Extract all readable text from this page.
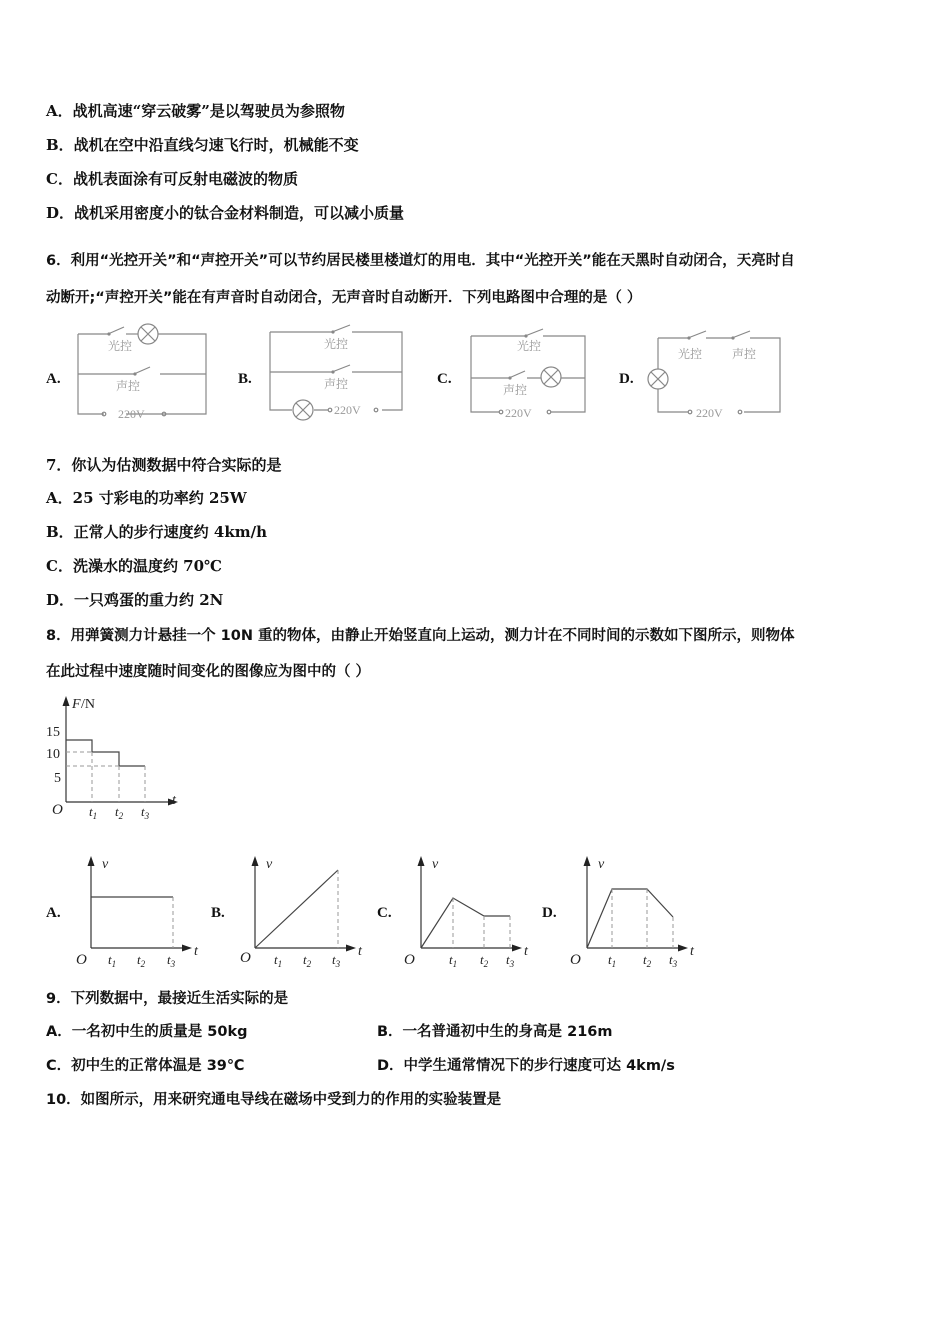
A．战机高速“穿云破雾”是以驾驶员为参照物
B．战机在空中沿直线匀速飞行时，机械能不变
C．战机表面涂有可反射电磁波的物质
D．战机采用密度小的钛合金材料制造，可以减小质量
6．利用“光控开关”和“声控开关”可以节约居民楼里楼道灯的用电．其中“光控开关”能在天黑时自动闭合，天亮时自
动断开;“声控开关”能在有声音时自动闭合，无声音时自动断开．下列电路图中合理的是（ ）
A.	B.	C.	D.
光控
声控
220V
光控
声控
220V
光控
声控
220V
光控 声控
220V
7．你认为估测数据中符合实际的是
A．25 寸彩电的功率约 25W
B．正常人的步行速度约 4km/h
C．洗澡水的温度约 70℃
D．一只鸡蛋的重力约 2N
8．用弹簧测力计悬挂一个 10N 重的物体，由静止开始竖直向上运动，测力计在不同时间的示数如下图所示，则物体
在此过程中速度随时间变化的图像应为图中的（ ）
F /N
15
10
5
O $t_1$ $t_2$ $t_3$
t
A.	B.	C.	D.
v
O $t_1$ $t_2$ $t_3$
t
v
O $t_1$ $t_2$ $t_3$
t
v
O	$t_1$ $t_2$ $t_3$
t
v
O $t_1$ $t_2$ $t_3$
t
9．下列数据中，最接近生活实际的是
A．一名初中生的质量是 50kg	B．一名普通初中生的身高是 216m
C．初中生的正常体温是 39℃	D．中学生通常情况下的步行速度可达 4km/s
10．如图所示，用来研究通电导线在磁场中受到力的作用的实验装置是
